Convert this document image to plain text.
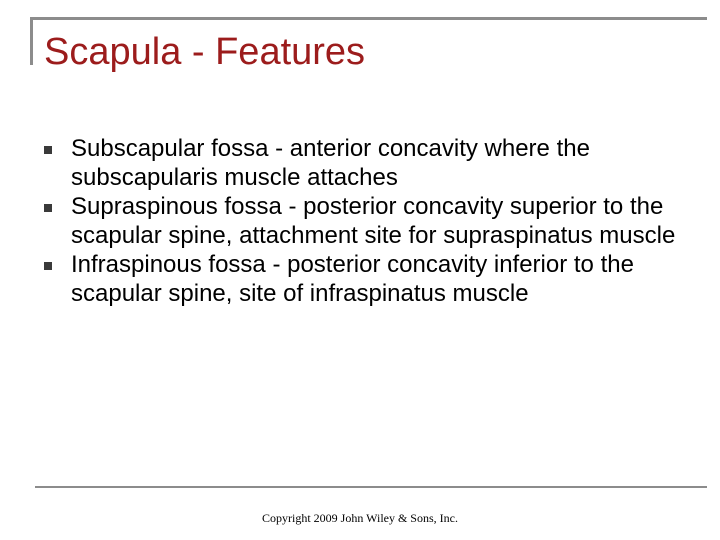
Scapula - Features
Subscapular fossa - anterior concavity where the subscapularis muscle attaches
Supraspinous fossa - posterior concavity superior to the scapular spine, attachment site for supraspinatus muscle
Infraspinous fossa - posterior concavity inferior to the scapular spine, site of infraspinatus muscle
Copyright 2009 John Wiley & Sons, Inc.
